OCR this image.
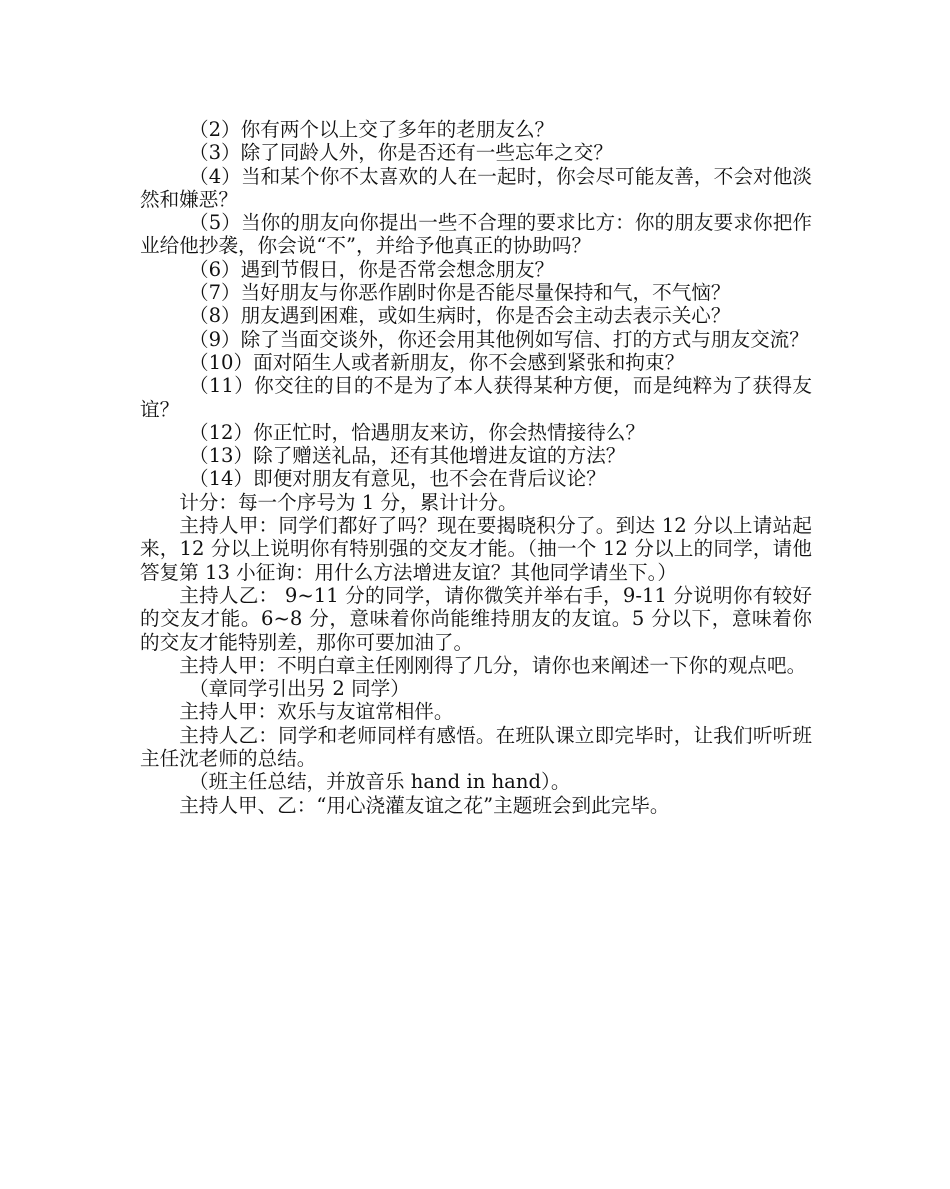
（2）你有两个以上交了多年的老朋友么？

（3）除了同龄人外，你是否还有一些忘年之交？

（4）当和某个你不太喜欢的人在一起时，你会尽可能友善，不会对他淡然和嫌恶？

（5）当你的朋友向你提出一些不合理的要求比方：你的朋友要求你把作业给他抄袭，你会说“不”，并给予他真正的协助吗？

（6）遇到节假日，你是否常会想念朋友？

（7）当好朋友与你恶作剧时你是否能尽量保持和气，不气恼？

（8）朋友遇到困难，或如生病时，你是否会主动去表示关心？

（9）除了当面交谈外，你还会用其他例如写信、打的方式与朋友交流？

（10）面对陌生人或者新朋友，你不会感到紧张和拘束？

（11）你交往的目的不是为了本人获得某种方便，而是纯粹为了获得友谊？

（12）你正忙时，恰遇朋友来访，你会热情接待么？

（13）除了赠送礼品，还有其他增进友谊的方法？

（14）即便对朋友有意见，也不会在背后议论？

计分：每一个序号为 1 分，累计计分。

主持人甲：同学们都好了吗？现在要揭晓积分了。到达 12 分以上请站起来，12 分以上说明你有特别强的交友才能。（抽一个 12 分以上的同学，请他答复第 13 小征询：用什么方法增进友谊？其他同学请坐下。）

主持人乙： 9~11 分的同学，请你微笑并举右手，9-11 分说明你有较好的交友才能。6~8 分，意味着你尚能维持朋友的友谊。5 分以下，意味着你的交友才能特别差，那你可要加油了。

主持人甲：不明白章主任刚刚得了几分，请你也来阐述一下你的观点吧。

（章同学引出另 2 同学）

主持人甲：欢乐与友谊常相伴。

主持人乙：同学和老师同样有感悟。在班队课立即完毕时，让我们听听班主任沈老师的总结。

（班主任总结，并放音乐 hand in hand）。

主持人甲、乙：“用心浇灌友谊之花”主题班会到此完毕。
